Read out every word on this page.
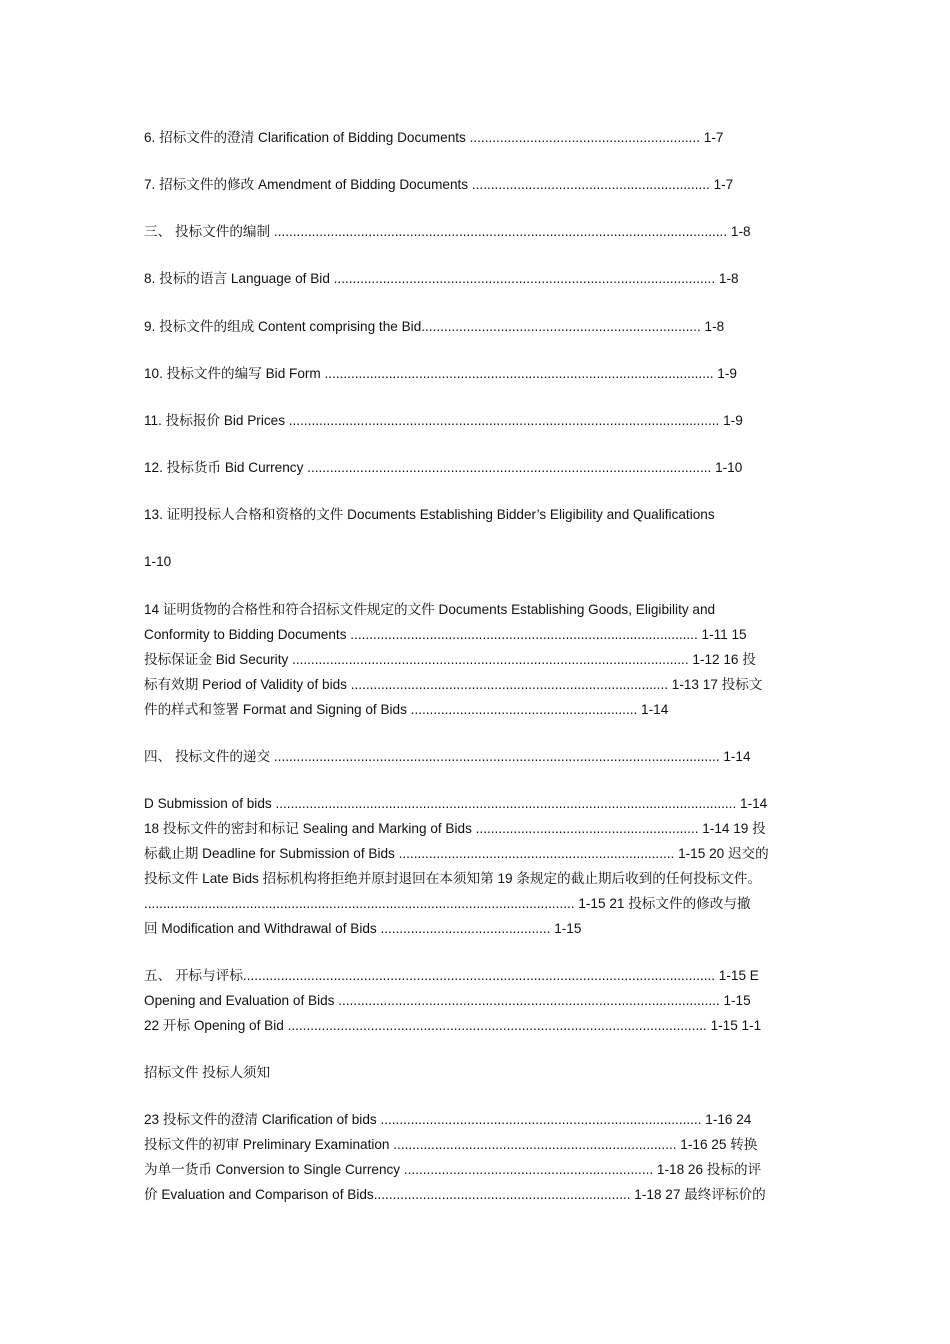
6. 招标文件的澄清 Clarification of Bidding Documents ............................................................. 1-7
7. 招标文件的修改 Amendment of Bidding Documents ............................................................... 1-7
三、 投标文件的编制 ........................................................................................................................ 1-8
8. 投标的语言 Language of Bid ..................................................................................................... 1-8
9. 投标文件的组成 Content comprising the Bid.......................................................................... 1-8
10. 投标文件的编写 Bid Form ....................................................................................................... 1-9
11. 投标报价 Bid Prices .................................................................................................................. 1-9
12. 投标货币 Bid Currency ........................................................................................................... 1-10
13. 证明投标人合格和资格的文件 Documents Establishing Bidder’s Eligibility and Qualifications
1-10
14 证明货物的合格性和符合招标文件规定的文件 Documents Establishing Goods, Eligibility and
Conformity to Bidding Documents ............................................................................................ 1-11 15
投标保证金 Bid Security ......................................................................................................... 1-12 16 投
标有效期 Period of Validity of bids .................................................................................... 1-13 17 投标文
件的样式和签署 Format and Signing of Bids ............................................................ 1-14
四、 投标文件的递交 ...................................................................................................................... 1-14
D Submission of bids .......................................................................................................................... 1-14
18 投标文件的密封和标记 Sealing and Marking of Bids ........................................................... 1-14 19 投
标截止期 Deadline for Submission of Bids ......................................................................... 1-15 20 迟交的
投标文件 Late Bids 招标机构将拒绝并原封退回在本须知第 19 条规定的截止期后收到的任何投标文件。
.................................................................................................................. 1-15 21 投标文件的修改与撤
回 Modification and Withdrawal of Bids ............................................. 1-15
五、 开标与评标............................................................................................................................. 1-15 E
Opening and Evaluation of Bids ..................................................................................................... 1-15
22 开标 Opening of Bid ............................................................................................................... 1-15 1-1
招标文件 投标人须知
23 投标文件的澄清 Clarification of bids ..................................................................................... 1-16 24
投标文件的初审 Preliminary Examination ........................................................................... 1-16 25 转换
为单一货币 Conversion to Single Currency .................................................................. 1-18 26 投标的评
价 Evaluation and Comparison of Bids.................................................................... 1-18 27 最终评标价的
